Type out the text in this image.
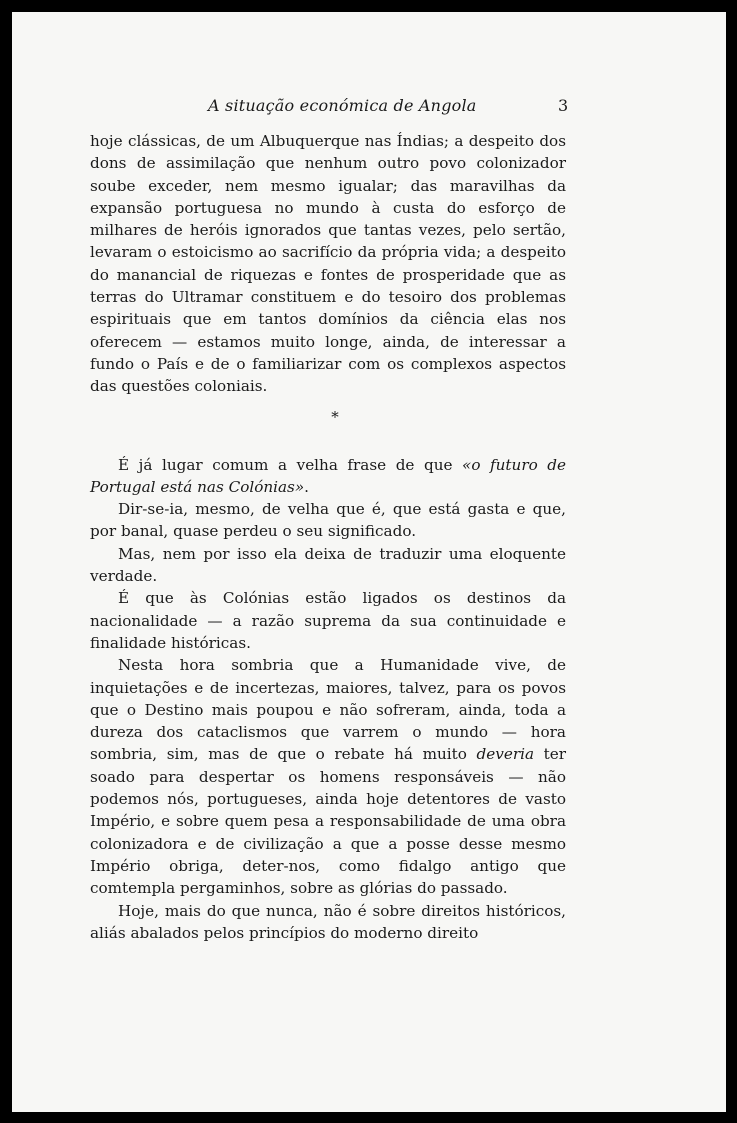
A situação económica de Angola	3

hoje clássicas, de um Albuquerque nas Índias; a despeito dos dons de assimilação que nenhum outro povo colonizador soube exceder, nem mesmo igualar; das maravilhas da expansão portuguesa no mundo à custa do esforço de milhares de heróis ignorados que tantas vezes, pelo sertão, levaram o estoicismo ao sacrifício da própria vida; a despeito do manancial de riquezas e fontes de prosperidade que as terras do Ultramar constituem e do tesoiro dos problemas espirituais que em tantos domínios da ciência elas nos oferecem — estamos muito longe, ainda, de interessar a fundo o País e de o familiarizar com os complexos aspectos das questões coloniais.

*

É já lugar comum a velha frase de que «o futuro de Portugal está nas Colónias».

Dir-se-ia, mesmo, de velha que é, que está gasta e que, por banal, quase perdeu o seu significado.

Mas, nem por isso ela deixa de traduzir uma eloquente verdade.

É que às Colónias estão ligados os destinos da nacionalidade — a razão suprema da sua continuidade e finalidade históricas.

Nesta hora sombria que a Humanidade vive, de inquietações e de incertezas, maiores, talvez, para os povos que o Destino mais poupou e não sofreram, ainda, toda a dureza dos cataclismos que varrem o mundo — hora sombria, sim, mas de que o rebate há muito deveria ter soado para despertar os homens responsáveis — não podemos nós, portugueses, ainda hoje detentores de vasto Império, e sobre quem pesa a responsabilidade de uma obra colonizadora e de civilização a que a posse desse mesmo Império obriga, deter-nos, como fidalgo antigo que comtempla pergaminhos, sobre as glórias do passado.

Hoje, mais do que nunca, não é sobre direitos históricos, aliás abalados pelos princípios do moderno direito
